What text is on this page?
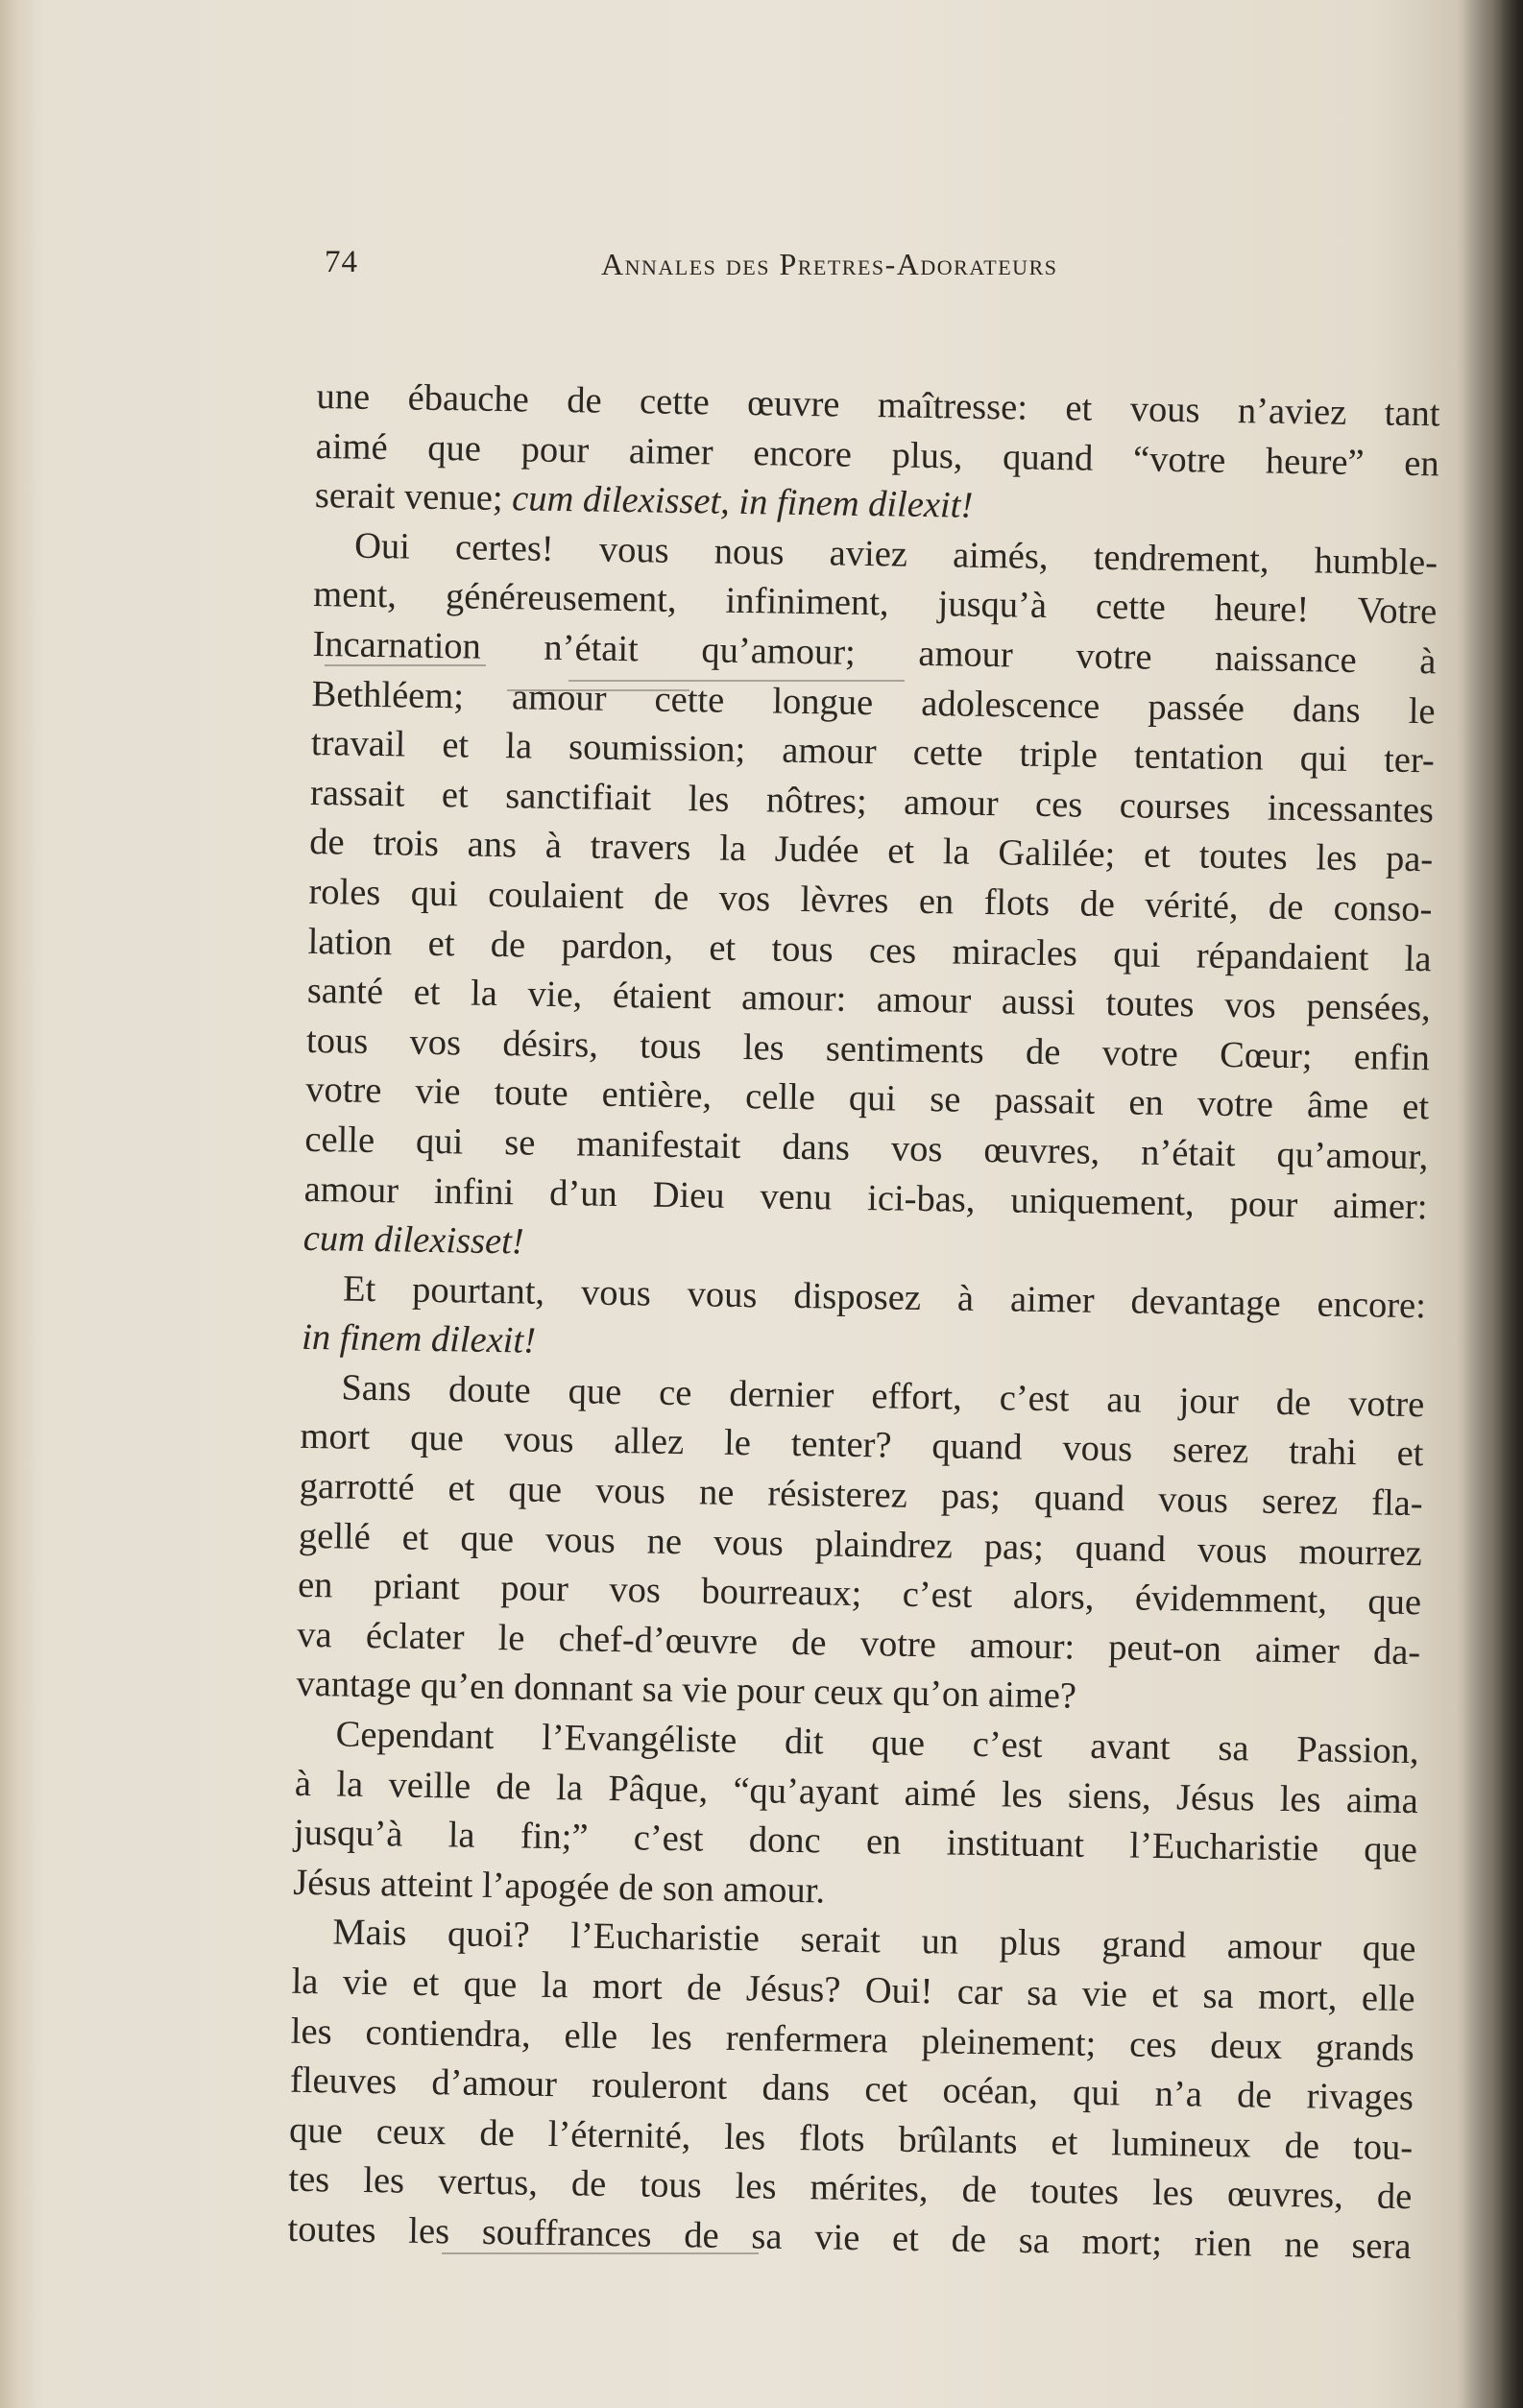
74	Annales des Pretres-Adorateurs
une ébauche de cette œuvre maîtresse: et vous n’aviez tant
aimé que pour aimer encore plus, quand “votre heure” en
serait venue; cum dilexisset, in finem dilexit!
Oui certes! vous nous aviez aimés, tendrement, humble-
ment, généreusement, infiniment, jusqu’à cette heure! Votre
Incarnation n’était qu’amour; amour votre naissance à
Bethléem; amour cette longue adolescence passée dans le
travail et la soumission; amour cette triple tentation qui ter-
rassait et sanctifiait les nôtres; amour ces courses incessantes
de trois ans à travers la Judée et la Galilée; et toutes les pa-
roles qui coulaient de vos lèvres en flots de vérité, de conso-
lation et de pardon, et tous ces miracles qui répandaient la
santé et la vie, étaient amour: amour aussi toutes vos pensées,
tous vos désirs, tous les sentiments de votre Cœur; enfin
votre vie toute entière, celle qui se passait en votre âme et
celle qui se manifestait dans vos œuvres, n’était qu’amour,
amour infini d’un Dieu venu ici-bas, uniquement, pour aimer:
cum dilexisset!
Et pourtant, vous vous disposez à aimer devantage encore:
in finem dilexit!
Sans doute que ce dernier effort, c’est au jour de votre
mort que vous allez le tenter? quand vous serez trahi et
garrotté et que vous ne résisterez pas; quand vous serez fla-
gellé et que vous ne vous plaindrez pas; quand vous mourrez
en priant pour vos bourreaux; c’est alors, évidemment, que
va éclater le chef-d’œuvre de votre amour: peut-on aimer da-
vantage qu’en donnant sa vie pour ceux qu’on aime?
Cependant l’Evangéliste dit que c’est avant sa Passion,
à la veille de la Pâque, “qu’ayant aimé les siens, Jésus les aima
jusqu’à la fin;” c’est donc en instituant l’Eucharistie que
Jésus atteint l’apogée de son amour.
Mais quoi? l’Eucharistie serait un plus grand amour que
la vie et que la mort de Jésus? Oui! car sa vie et sa mort, elle
les contiendra, elle les renfermera pleinement; ces deux grands
fleuves d’amour rouleront dans cet océan, qui n’a de rivages
que ceux de l’éternité, les flots brûlants et lumineux de tou-
tes les vertus, de tous les mérites, de toutes les œuvres, de
toutes les souffrances de sa vie et de sa mort; rien ne sera
